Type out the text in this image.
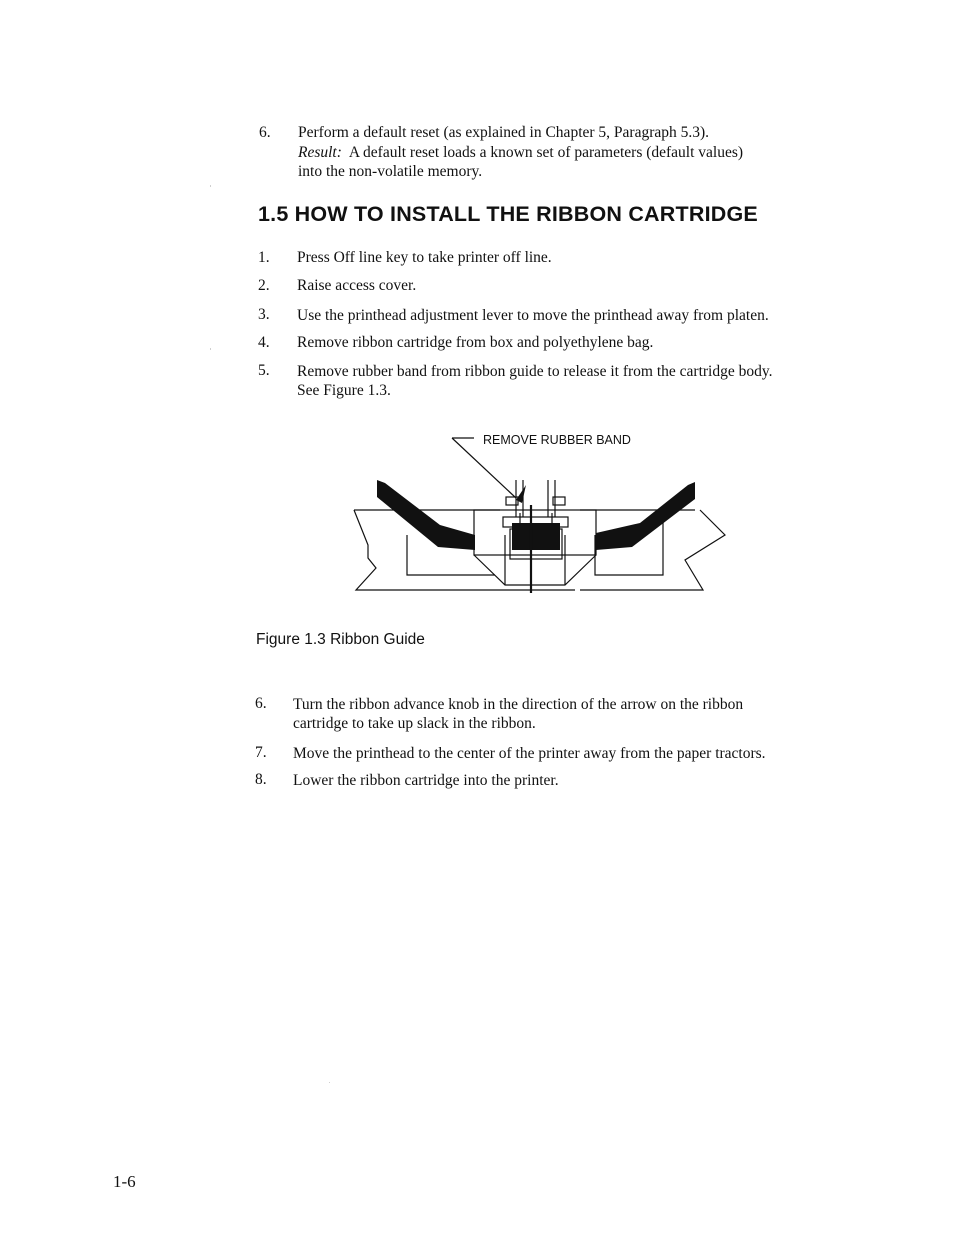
6. Perform a default reset (as explained in Chapter 5, Paragraph 5.3).
Result: A default reset loads a known set of parameters (default values)
into the non-volatile memory.
1.5 HOW TO INSTALL THE RIBBON CARTRIDGE
1. Press Off line key to take printer off line.
2. Raise access cover.
3. Use the printhead adjustment lever to move the printhead away from platen.
4. Remove ribbon cartridge from box and polyethylene bag.
5. Remove rubber band from ribbon guide to release it from the cartridge body.
See Figure 1.3.
REMOVE RUBBER BAND
Figure 1.3 Ribbon Guide
6. Turn the ribbon advance knob in the direction of the arrow on the ribbon
cartridge to take up slack in the ribbon.
7. Move the printhead to the center of the printer away from the paper tractors.
8. Lower the ribbon cartridge into the printer.
1-6
